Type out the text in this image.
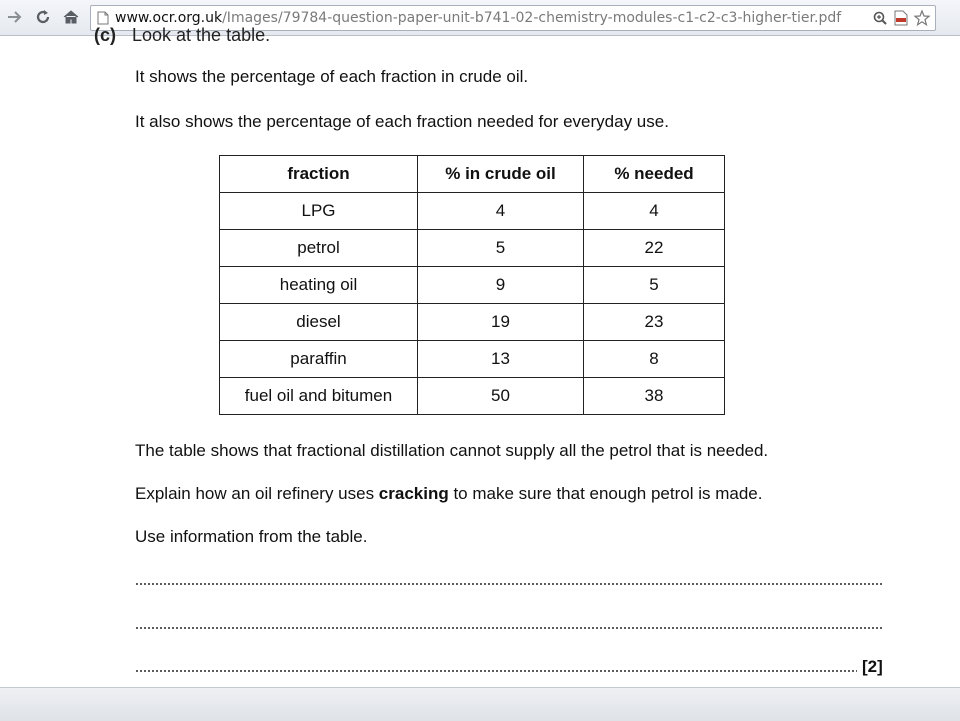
www.ocr.org.uk/Images/79784-question-paper-unit-b741-02-chemistry-modules-c1-c2-c3-higher-tier.pdf
(c) Look at the table.
It shows the percentage of each fraction in crude oil.
It also shows the percentage of each fraction needed for everyday use.
fraction	% in crude oil	% needed
LPG	4	4
petrol	5	22
heating oil	9	5
diesel	19	23
paraffin	13	8
fuel oil and bitumen	50	38
The table shows that fractional distillation cannot supply all the petrol that is needed.
Explain how an oil refinery uses cracking to make sure that enough petrol is made.
Use information from the table.
[2]
